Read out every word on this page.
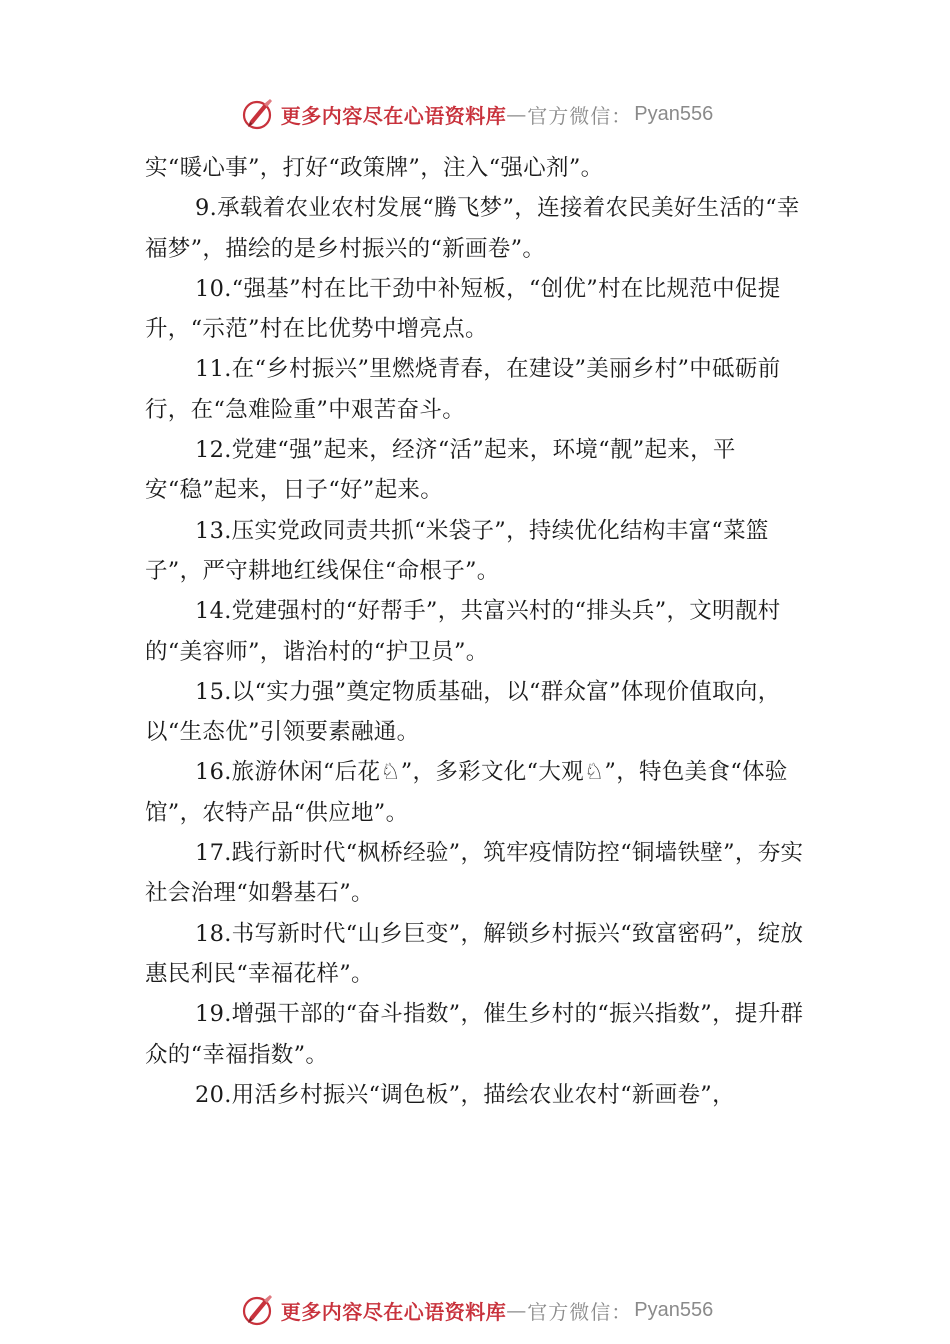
更多内容尽在心语资料库 — 官方微信： Pyan556

实“暖心事”，打好“政策牌”，注入“强心剂”。

9.承载着农业农村发展“腾飞梦”，连接着农民美好生活的“幸福梦”，描绘的是乡村振兴的“新画卷”。

10.“强基”村在比干劲中补短板，“创优”村在比规范中促提升，“示范”村在比优势中增亮点。

11.在“乡村振兴”里燃烧青春，在建设”美丽乡村”中砥砺前行，在“急难险重”中艰苦奋斗。

12.党建“强”起来，经济“活”起来，环境“靓”起来，平安“稳”起来，日子“好”起来。

13.压实党政同责共抓“米袋子”，持续优化结构丰富“菜篮子”，严守耕地红线保住“命根子”。

14.党建强村的“好帮手”，共富兴村的“排头兵”，文明靓村的“美容师”，谐治村的“护卫员”。

15.以“实力强”奠定物质基础，以“群众富”体现价值取向，以“生态优”引领要素融通。

16.旅游休闲“后花♘”，多彩文化“大观♘”，特色美食“体验馆”，农特产品“供应地”。

17.践行新时代“枫桥经验”，筑牢疫情防控“铜墙铁壁”，夯实社会治理“如磐基石”。

18.书写新时代“山乡巨变”，解锁乡村振兴“致富密码”，绽放惠民利民“幸福花样”。

19.增强干部的“奋斗指数”，催生乡村的“振兴指数”，提升群众的“幸福指数”。

20.用活乡村振兴“调色板”，描绘农业农村“新画卷”，

更多内容尽在心语资料库 — 官方微信： Pyan556
